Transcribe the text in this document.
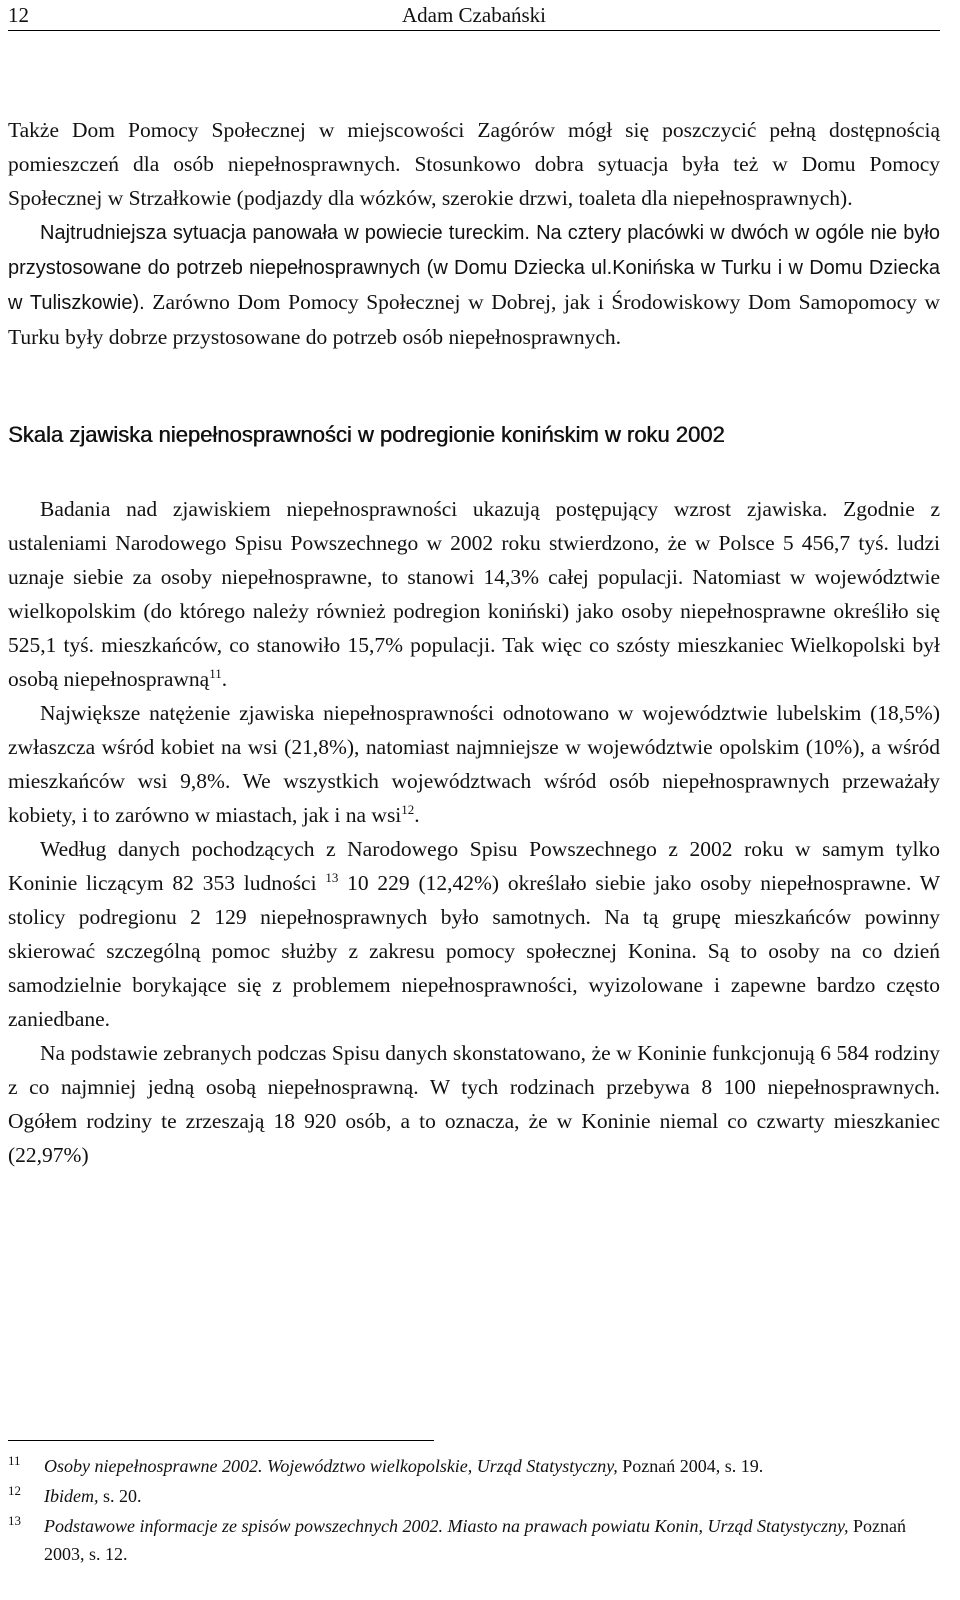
12	Adam Czabański

Także Dom Pomocy Społecznej w miejscowości Zagórów mógł się poszczycić pełną dostępnością pomieszczeń dla osób niepełnosprawnych. Stosunkowo dobra sytuacja była też w Domu Pomocy Społecznej w Strzałkowie (podjazdy dla wózków, szerokie drzwi, toaleta dla niepełnosprawnych).

Najtrudniejsza sytuacja panowała w powiecie tureckim. Na cztery placówki w dwóch w ogóle nie było przystosowane do potrzeb niepełnosprawnych (w Domu Dziecka ul.Konińska w Turku i w Domu Dziecka w Tuliszkowie). Zarówno Dom Pomocy Społecznej w Dobrej, jak i Środowiskowy Dom Samopomocy w Turku były dobrze przystosowane do potrzeb osób niepełnosprawnych.

Skala zjawiska niepełnosprawności w podregionie konińskim w roku 2002

Badania nad zjawiskiem niepełnosprawności ukazują postępujący wzrost zjawiska. Zgodnie z ustaleniami Narodowego Spisu Powszechnego w 2002 roku stwierdzono, że w Polsce 5 456,7 tyś. ludzi uznaje siebie za osoby niepełnosprawne, to stanowi 14,3% całej populacji. Natomiast w województwie wielkopolskim (do którego należy również podregion koniński) jako osoby niepełnosprawne określiło się 525,1 tyś. mieszkańców, co stanowiło 15,7% populacji. Tak więc co szósty mieszkaniec Wielkopolski był osobą niepełnosprawną$^{11}$.

Największe natężenie zjawiska niepełnosprawności odnotowano w województwie lubelskim (18,5%) zwłaszcza wśród kobiet na wsi (21,8%), natomiast najmniejsze w województwie opolskim (10%), a wśród mieszkańców wsi 9,8%. We wszystkich województwach wśród osób niepełnosprawnych przeważały kobiety, i to zarówno w miastach, jak i na wsi$^{12}$.

Według danych pochodzących z Narodowego Spisu Powszechnego z 2002 roku w samym tylko Koninie liczącym 82 353 ludności $^{13}$ 10 229 (12,42%) określało siebie jako osoby niepełnosprawne. W stolicy podregionu 2 129 niepełnosprawnych było samotnych. Na tą grupę mieszkańców powinny skierować szczególną pomoc służby z zakresu pomocy społecznej Konina. Są to osoby na co dzień samodzielnie borykające się z problemem niepełnosprawności, wyizolowane i zapewne bardzo często zaniedbane.

Na podstawie zebranych podczas Spisu danych skonstatowano, że w Koninie funkcjonują 6 584 rodziny z co najmniej jedną osobą niepełnosprawną. W tych rodzinach przebywa 8 100 niepełnosprawnych. Ogółem rodziny te zrzeszają 18 920 osób, a to oznacza, że w Koninie niemal co czwarty mieszkaniec (22,97%)

11 Osoby niepełnosprawne 2002. Województwo wielkopolskie, Urząd Statystyczny, Poznań 2004, s. 19.
12 Ibidem, s. 20.
13 Podstawowe informacje ze spisów powszechnych 2002. Miasto na prawach powiatu Konin, Urząd Statystyczny, Poznań 2003, s. 12.
